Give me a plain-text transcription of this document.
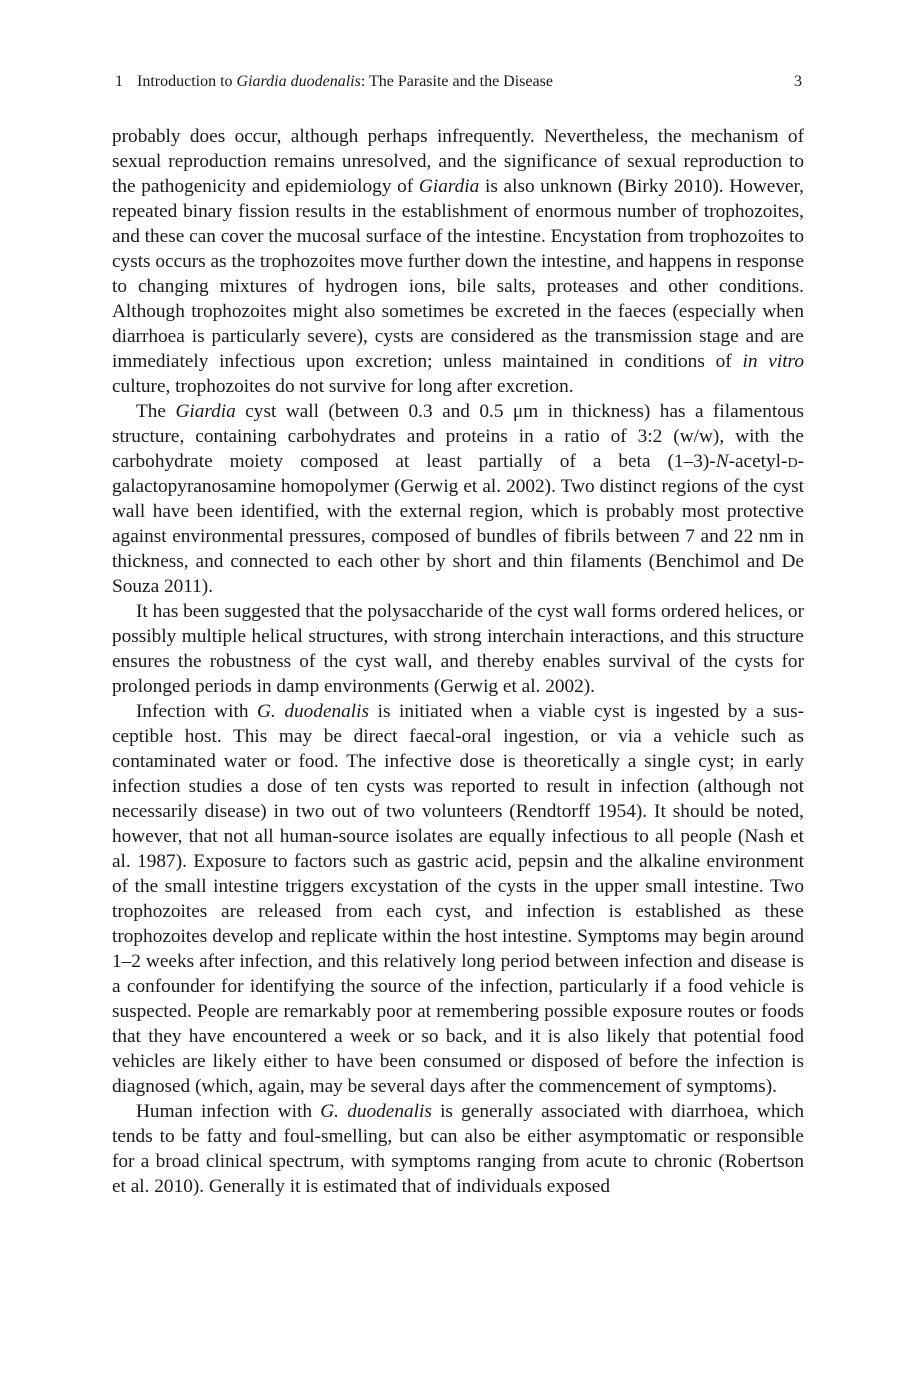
1 Introduction to Giardia duodenalis: The Parasite and the Disease	3

probably does occur, although perhaps infrequently. Nevertheless, the mechanism of sexual reproduction remains unresolved, and the significance of sexual reproduction to the pathogenicity and epidemiology of Giardia is also unknown (Birky 2010). However, repeated binary fission results in the establishment of enormous number of trophozoites, and these can cover the mucosal surface of the intestine. Encystation from trophozoites to cysts occurs as the trophozoites move further down the intestine, and happens in response to changing mixtures of hydrogen ions, bile salts, proteases and other conditions. Although trophozoites might also sometimes be excreted in the faeces (especially when diarrhoea is particularly severe), cysts are considered as the transmission stage and are immediately infectious upon excretion; unless maintained in conditions of in vitro culture, trophozoites do not survive for long after excretion.

The Giardia cyst wall (between 0.3 and 0.5 μm in thickness) has a filamentous structure, containing carbohydrates and proteins in a ratio of 3:2 (w/w), with the carbohydrate moiety composed at least partially of a beta (1–3)-N-acetyl-d-galactopyranosamine homopolymer (Gerwig et al. 2002). Two distinct regions of the cyst wall have been identified, with the external region, which is probably most protective against environmental pressures, composed of bundles of fibrils between 7 and 22 nm in thickness, and connected to each other by short and thin filaments (Benchimol and De Souza 2011).

It has been suggested that the polysaccharide of the cyst wall forms ordered helices, or possibly multiple helical structures, with strong interchain interactions, and this structure ensures the robustness of the cyst wall, and thereby enables survival of the cysts for prolonged periods in damp environments (Gerwig et al. 2002).

Infection with G. duodenalis is initiated when a viable cyst is ingested by a susceptible host. This may be direct faecal-oral ingestion, or via a vehicle such as contaminated water or food. The infective dose is theoretically a single cyst; in early infection studies a dose of ten cysts was reported to result in infection (although not necessarily disease) in two out of two volunteers (Rendtorff 1954). It should be noted, however, that not all human-source isolates are equally infectious to all people (Nash et al. 1987). Exposure to factors such as gastric acid, pepsin and the alkaline environment of the small intestine triggers excystation of the cysts in the upper small intestine. Two trophozoites are released from each cyst, and infection is established as these trophozoites develop and replicate within the host intestine. Symptoms may begin around 1–2 weeks after infection, and this relatively long period between infection and disease is a confounder for identifying the source of the infection, particularly if a food vehicle is suspected. People are remarkably poor at remembering possible exposure routes or foods that they have encountered a week or so back, and it is also likely that potential food vehicles are likely either to have been consumed or disposed of before the infection is diagnosed (which, again, may be several days after the commencement of symptoms).

Human infection with G. duodenalis is generally associated with diarrhoea, which tends to be fatty and foul-smelling, but can also be either asymptomatic or responsible for a broad clinical spectrum, with symptoms ranging from acute to chronic (Robertson et al. 2010). Generally it is estimated that of individuals exposed
